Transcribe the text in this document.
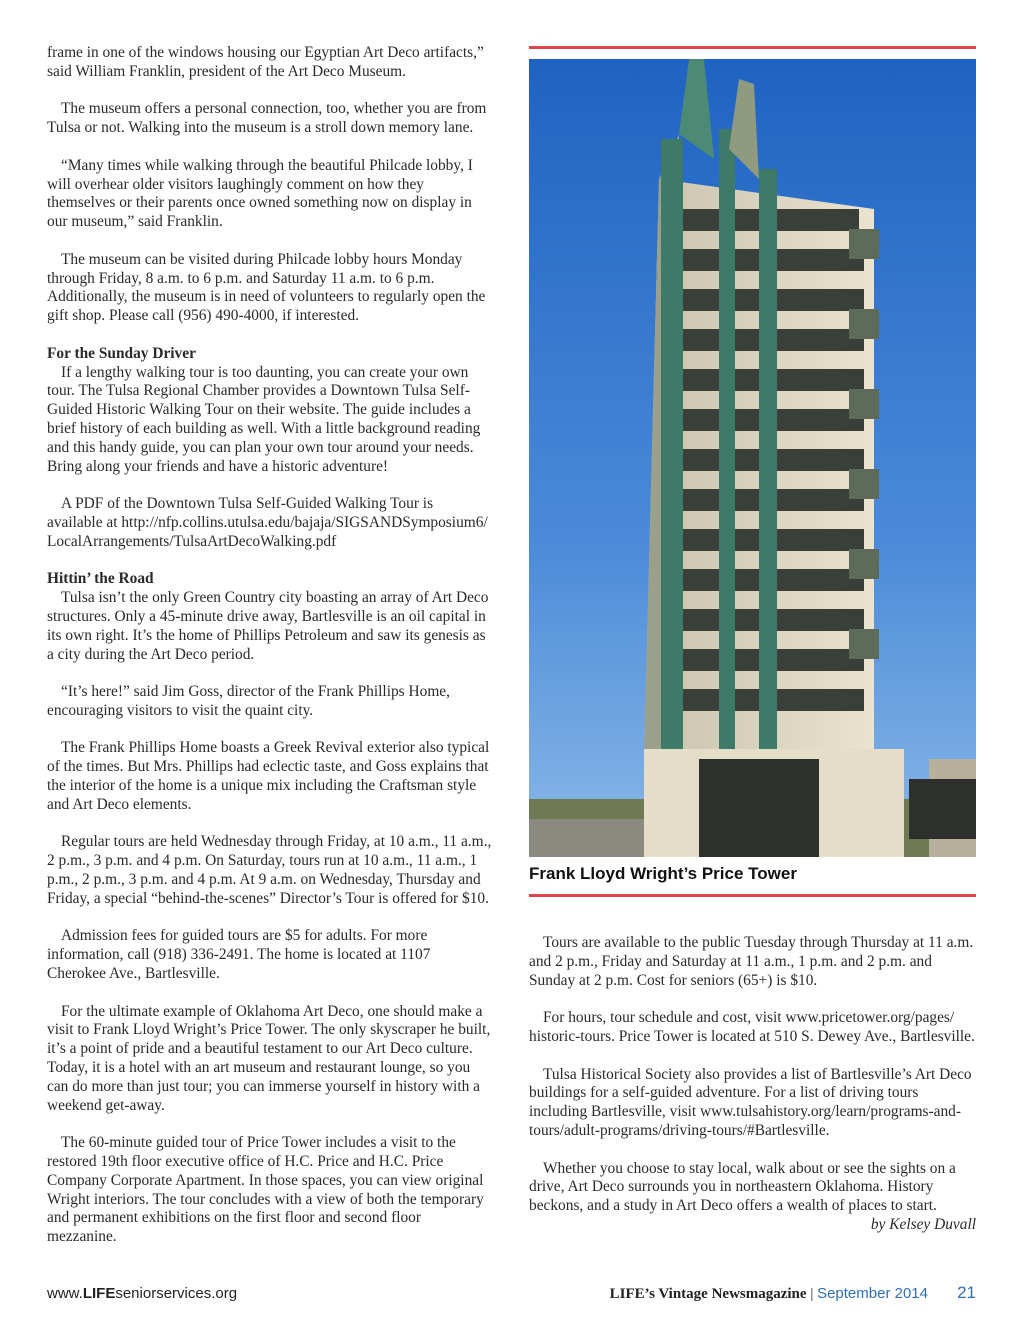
frame in one of the windows housing our Egyptian Art Deco artifacts,” said William Franklin, president of the Art Deco Museum.

The museum offers a personal connection, too, whether you are from Tulsa or not. Walking into the museum is a stroll down memory lane.

“Many times while walking through the beautiful Philcade lobby, I will overhear older visitors laughingly comment on how they themselves or their parents once owned something now on display in our museum,” said Franklin.

The museum can be visited during Philcade lobby hours Monday through Friday, 8 a.m. to 6 p.m. and Saturday 11 a.m. to 6 p.m. Additionally, the museum is in need of volunteers to regularly open the gift shop. Please call (956) 490-4000, if interested.

For the Sunday Driver

If a lengthy walking tour is too daunting, you can create your own tour. The Tulsa Regional Chamber provides a Downtown Tulsa Self-Guided Historic Walking Tour on their website. The guide includes a brief history of each building as well. With a little background reading and this handy guide, you can plan your own tour around your needs. Bring along your friends and have a historic adventure!

A PDF of the Downtown Tulsa Self-Guided Walking Tour is available at http://nfp.collins.utulsa.edu/bajaja/SIGSANDSymposium6/ LocalArrangements/TulsaArtDecoWalking.pdf

Hittin’ the Road

Tulsa isn’t the only Green Country city boasting an array of Art Deco structures. Only a 45-minute drive away, Bartlesville is an oil capital in its own right. It’s the home of Phillips Petroleum and saw its genesis as a city during the Art Deco period.

“It’s here!” said Jim Goss, director of the Frank Phillips Home, encouraging visitors to visit the quaint city.

The Frank Phillips Home boasts a Greek Revival exterior also typical of the times. But Mrs. Phillips had eclectic taste, and Goss explains that the interior of the home is a unique mix including the Craftsman style and Art Deco elements.

Regular tours are held Wednesday through Friday, at 10 a.m., 11 a.m., 2 p.m., 3 p.m. and 4 p.m. On Saturday, tours run at 10 a.m., 11 a.m., 1 p.m., 2 p.m., 3 p.m. and 4 p.m. At 9 a.m. on Wednesday, Thursday and Friday, a special “behind-the-scenes” Director’s Tour is offered for $10.

Admission fees for guided tours are $5 for adults. For more information, call (918) 336-2491. The home is located at 1107 Cherokee Ave., Bartlesville.

For the ultimate example of Oklahoma Art Deco, one should make a visit to Frank Lloyd Wright’s Price Tower. The only skyscraper he built, it’s a point of pride and a beautiful testament to our Art Deco culture. Today, it is a hotel with an art museum and restaurant lounge, so you can do more than just tour; you can immerse yourself in history with a weekend get-away.

The 60-minute guided tour of Price Tower includes a visit to the restored 19th floor executive office of H.C. Price and H.C. Price Company Corporate Apartment. In those spaces, you can view original Wright interiors. The tour concludes with a view of both the temporary and permanent exhibitions on the first floor and second floor mezzanine.

Frank Lloyd Wright’s Price Tower

Tours are available to the public Tuesday through Thursday at 11 a.m. and 2 p.m., Friday and Saturday at 11 a.m., 1 p.m. and 2 p.m. and Sunday at 2 p.m. Cost for seniors (65+) is $10.

For hours, tour schedule and cost, visit www.pricetower.org/pages/ historic-tours. Price Tower is located at 510 S. Dewey Ave., Bartlesville.

Tulsa Historical Society also provides a list of Bartlesville’s Art Deco buildings for a self-guided adventure. For a list of driving tours including Bartlesville, visit www.tulsahistory.org/learn/programs-and-tours/adult-programs/driving-tours/#Bartlesville.

Whether you choose to stay local, walk about or see the sights on a drive, Art Deco surrounds you in northeastern Oklahoma. History beckons, and a study in Art Deco offers a wealth of places to start.

by Kelsey Duvall

www.LIFEseniorservices.org	LIFE’s Vintage Newsmagazine | September 2014 21
